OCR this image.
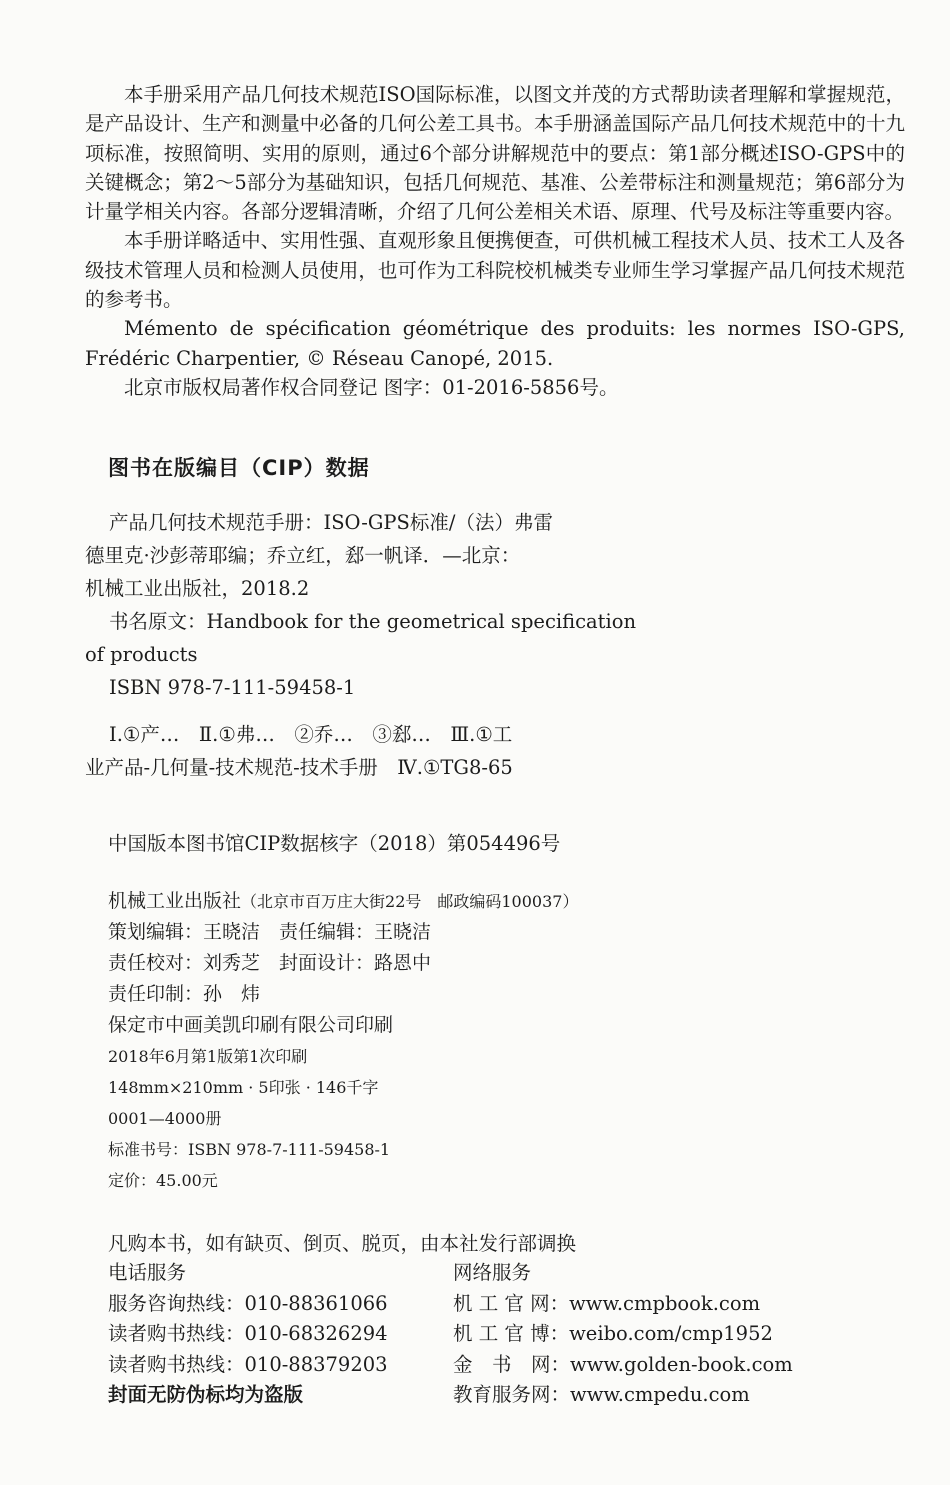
本手册采用产品几何技术规范ISO国际标准，以图文并茂的方式帮助读者理解和掌握规范，是产品设计、生产和测量中必备的几何公差工具书。本手册涵盖国际产品几何技术规范中的十九项标准，按照简明、实用的原则，通过6个部分讲解规范中的要点：第1部分概述ISO-GPS中的关键概念；第2～5部分为基础知识，包括几何规范、基准、公差带标注和测量规范；第6部分为计量学相关内容。各部分逻辑清晰，介绍了几何公差相关术语、原理、代号及标注等重要内容。

本手册详略适中、实用性强、直观形象且便携便查，可供机械工程技术人员、技术工人及各级技术管理人员和检测人员使用，也可作为工科院校机械类专业师生学习掌握产品几何技术规范的参考书。

Mémento de spécification géométrique des produits: les normes ISO-GPS, Frédéric Charpentier, © Réseau Canopé, 2015.

北京市版权局著作权合同登记 图字：01-2016-5856号。

图书在版编目（CIP）数据
产品几何技术规范手册：ISO-GPS标准/（法）弗雷
德里克·沙彭蒂耶编；乔立红，郄一帆译．—北京：
机械工业出版社，2018.2
书名原文：Handbook for the geometrical specification
of products
ISBN 978-7-111-59458-1
Ⅰ.①产…　Ⅱ.①弗…　②乔…　③郄…　Ⅲ.①工
业产品-几何量-技术规范-技术手册　Ⅳ.①TG8-65
中国版本图书馆CIP数据核字（2018）第054496号
机械工业出版社（北京市百万庄大街22号　邮政编码100037）
策划编辑：王晓洁　责任编辑：王晓洁
责任校对：刘秀芝　封面设计：路恩中
责任印制：孙　炜
保定市中画美凯印刷有限公司印刷
2018年6月第1版第1次印刷
148mm×210mm · 5印张 · 146千字
0001—4000册
标准书号：ISBN 978-7-111-59458-1
定价：45.00元
凡购本书，如有缺页、倒页、脱页，由本社发行部调换
电话服务	网络服务
服务咨询热线：010-88361066	机 工 官 网：www.cmpbook.com
读者购书热线：010-68326294	机 工 官 博：weibo.com/cmp1952
读者购书热线：010-88379203	金　书　网：www.golden-book.com
封面无防伪标均为盗版	教育服务网：www.cmpedu.com
